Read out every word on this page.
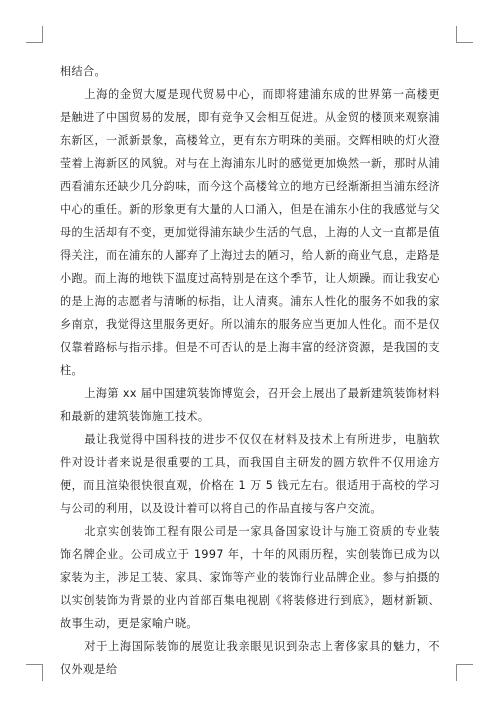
相结合。

上海的金贸大厦是现代贸易中心，而即将建浦东成的世界第一高楼更是触进了中国贸易的发展，即有竞争又会相互促进。从金贸的楼顶来观察浦东新区，一派新景象，高楼耸立，更有东方明珠的美丽。交辉相映的灯火澄莹着上海新区的风貌。对与在上海浦东儿时的感觉更加焕然一新，那时从浦西看浦东还缺少几分韵味，而今这个高楼耸立的地方已经渐渐担当浦东经济中心的重任。新的形象更有大量的人口涌入，但是在浦东小住的我感觉与父母的生活却有不变，更加觉得浦东缺少生活的气息，上海的人文一直都是值得关注，而在浦东的人鄙弃了上海过去的陋习，给人新的商业气息，走路是小跑。而上海的地铁下温度过高特别是在这个季节，让人烦躁。而让我安心的是上海的志愿者与清晰的标指，让人清爽。浦东人性化的服务不如我的家乡南京，我觉得这里服务更好。所以浦东的服务应当更加人性化。而不是仅仅靠着路标与指示排。但是不可否认的是上海丰富的经济资源，是我国的支柱。

上海第 xx 届中国建筑装饰博览会，召开会上展出了最新建筑装饰材料和最新的建筑装饰施工技术。

最让我觉得中国科技的进步不仅仅在材料及技术上有所进步，电脑软件对设计者来说是很重要的工具，而我国自主研发的圆方软件不仅用途方便，而且渲染很快很直观，价格在 1 万 5 钱元左右。很适用于高校的学习与公司的利用，以及设计着可以将自己的作品直接与客户交流。

北京实创装饰工程有限公司是一家具备国家设计与施工资质的专业装饰名牌企业。公司成立于 1997 年，十年的风雨历程，实创装饰已成为以家装为主，涉足工装、家具、家饰等产业的装饰行业品牌企业。参与拍摄的以实创装饰为背景的业内首部百集电视剧《将装修进行到底》，题材新颖、故事生动，更是家喻户晓。

对于上海国际装饰的展览让我亲眼见识到杂志上奢侈家具的魅力，不仅外观是给
